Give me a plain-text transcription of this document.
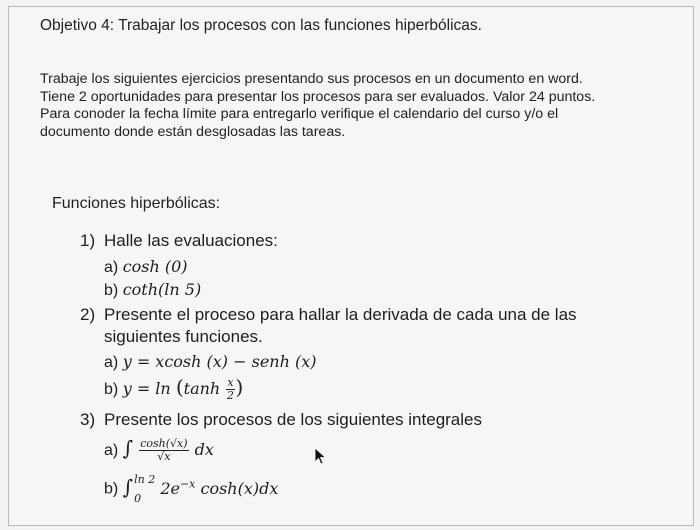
Objetivo 4: Trabajar los procesos con las funciones hiperbólicas.
Trabaje los siguientes ejercicios presentando sus procesos en un documento en word.
Tiene 2 oportunidades para presentar los procesos para ser evaluados. Valor 24 puntos.
Para conoder la fecha límite para entregarlo verifique el calendario del curso y/o el
documento donde están desglosadas las tareas.
Funciones hiperbólicas:
1) Halle las evaluaciones:
a) cosh (0)
b) coth(ln 5)
2) Presente el proceso para hallar la derivada de cada una de las
siguientes funciones.
a) y = xcosh (x) − senh (x)
b) $y = \ln (\tanh \frac{x}{2}$ )
3) Presente los procesos de los siguientes integrales
a) ∫ $\frac{\cosh(√x)}{√x}$ dx
b) ∫ ln 2
0
$2e^{-x}$ cosh(x)dx
